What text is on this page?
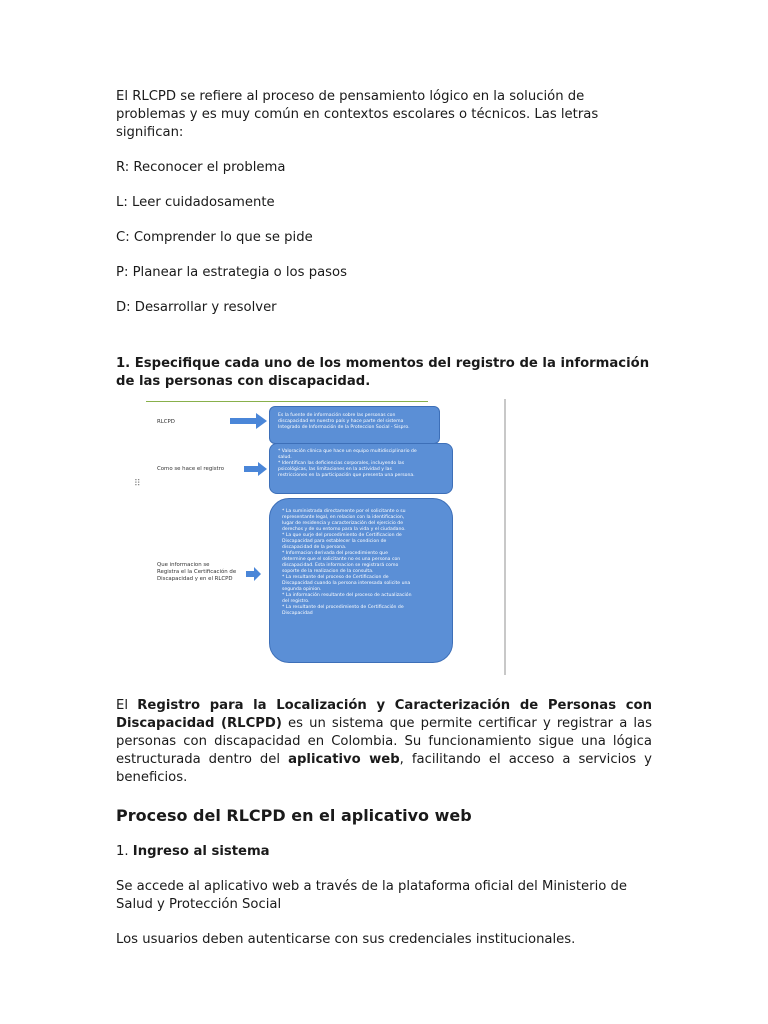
El RLCPD se refiere al proceso de pensamiento lógico en la solución de problemas y es muy común en contextos escolares o técnicos. Las letras significan:

R: Reconocer el problema

L: Leer cuidadosamente

C: Comprender lo que se pide

P: Planear la estrategia o los pasos

D: Desarrollar y resolver

1. Especifique cada uno de los momentos del registro de la información de las personas con discapacidad.

⠿
RLCPD
Es la fuente de información sobre las personas con
discapacidad en nuestro país y hace parte del sistema
Integrado de Información de la Proteccion Social - Sispro.
Como se hace el registro
* Valoración clínica que hace un equipo multidisciplinario de
salud.
* Identifican las deficiencias corporales, incluyendo las
psicológicas, las limitaciones en la actividad y las
restricciones en la participación que presenta una persona.
Que informacion se
Registra el la Certificación de
Discapacidad y en el RLCPD
* La suministrada directamente por el solicitante o su
representante legal, en relacion con la identificacion,
lugar de residencia y caracterización del ejercicio de
derechos y de su entorno para la vida y el ciudadano.
* La que surje del procedimiento de Certificacion de
Discapacidad para establecer la condicion de
discapacidad de la persona.
* Informacion derivada del procedimiento que
determine que el solicitante no es una persona con
discapacidad. Esta informacion se registrará como
soporte de la realizacion de la consulta.
* La resultante del proceso de Certificacion de
Discapacidad cuando la persona interesada solicite una
segunda opinion.
* La información resultante del proceso de actualización
del registro.
* La resultante del procedimiento de Certificación de
Discapacidad

El Registro para la Localización y Caracterización de Personas con Discapacidad (RLCPD) es un sistema que permite certificar y registrar a las personas con discapacidad en Colombia. Su funcionamiento sigue una lógica estructurada dentro del aplicativo web, facilitando el acceso a servicios y beneficios.

Proceso del RLCPD en el aplicativo web

1. Ingreso al sistema

Se accede al aplicativo web a través de la plataforma oficial del Ministerio de Salud y Protección Social

Los usuarios deben autenticarse con sus credenciales institucionales.
